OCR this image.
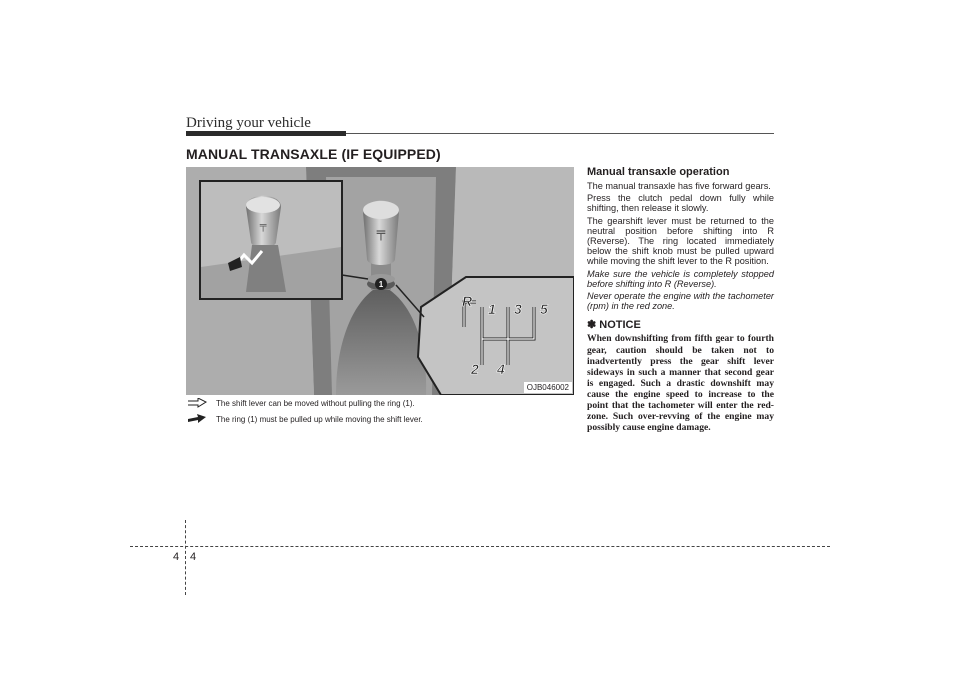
Driving your vehicle
MANUAL TRANSAXLE (IF EQUIPPED)
╤
1
╤
R 1 3 5
2 4
OJB046002
The shift lever can be moved without pulling the ring (1).
The ring (1) must be pulled up while moving the shift lever.
Manual transaxle operation

The manual transaxle has five forward gears.

Press the clutch pedal down fully while shifting, then release it slowly.

The gearshift lever must be returned to the neutral position before shifting into R (Reverse). The ring located immediately below the shift knob must be pulled upward while moving the shift lever to the R position.

Make sure the vehicle is completely stopped before shifting into R (Reverse).

Never operate the engine with the tachometer (rpm) in the red zone.

✽ NOTICE
When downshifting from fifth gear to fourth gear, caution should be taken not to inadvertently press the gear shift lever sideways in such a manner that second gear is engaged. Such a drastic downshift may cause the engine speed to increase to the point that the tachometer will enter the red-zone. Such over-revving of the engine may possibly cause engine damage.
4 4
